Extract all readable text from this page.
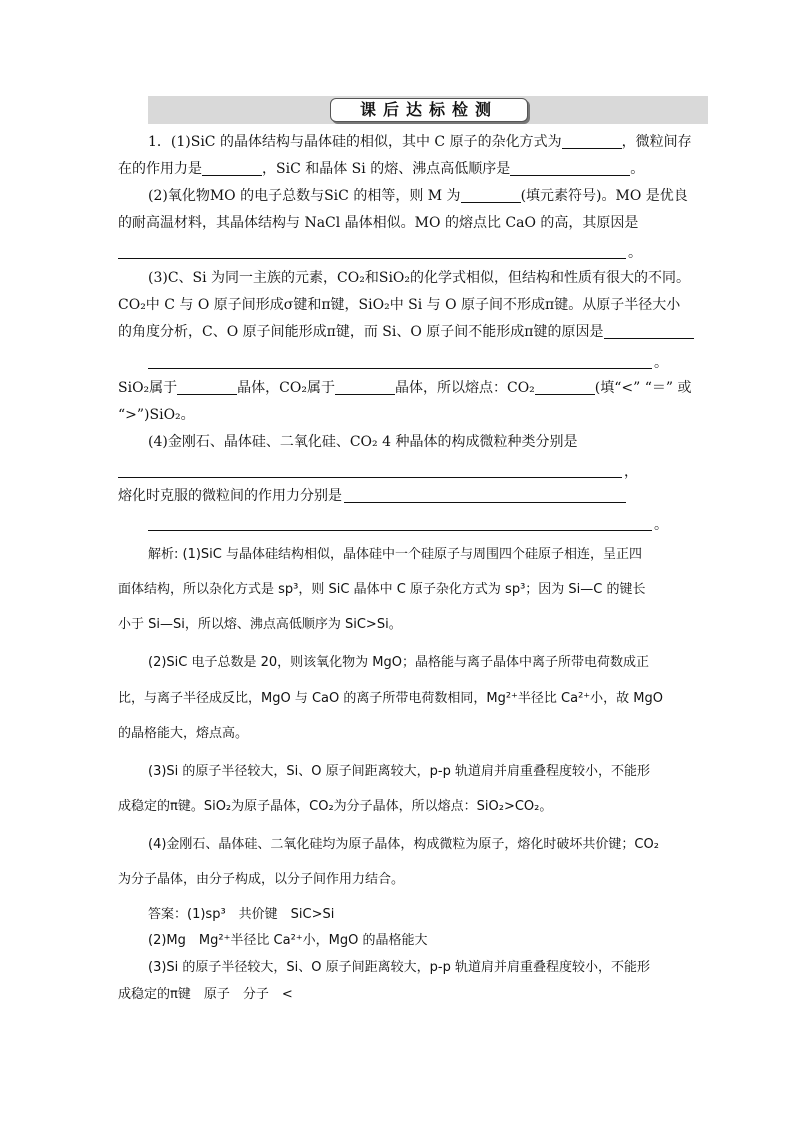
课后达标检测
1．(1)SiC 的晶体结构与晶体硅的相似，其中 C 原子的杂化方式为	，微粒间存
在的作用力是	，SiC 和晶体 Si 的熔、沸点高低顺序是	。
(2)氧化物MO 的电子总数与SiC 的相等，则 M 为	(填元素符号)。MO 是优良
的耐高温材料，其晶体结构与 NaCl 晶体相似。MO 的熔点比 CaO 的高，其原因是
。
(3)C、Si 为同一主族的元素，CO₂和SiO₂的化学式相似，但结构和性质有很大的不同。
CO₂中 C 与 O 原子间形成σ键和π键，SiO₂中 Si 与 O 原子间不形成π键。从原子半径大小
的角度分析，C、O 原子间能形成π键，而 Si、O 原子间不能形成π键的原因是
。
SiO₂属于	晶体，CO₂属于	晶体，所以熔点：CO₂	(填“<” “＝” 或
“>”)SiO₂。
(4)金刚石、晶体硅、二氧化硅、CO₂ 4 种晶体的构成微粒种类分别是
，
熔化时克服的微粒间的作用力分别是
。
解析: (1)SiC 与晶体硅结构相似，晶体硅中一个硅原子与周围四个硅原子相连，呈正四
面体结构，所以杂化方式是 sp³，则 SiC 晶体中 C 原子杂化方式为 sp³；因为 Si—C 的键长
小于 Si—Si，所以熔、沸点高低顺序为 SiC>Si。
(2)SiC 电子总数是 20，则该氧化物为 MgO；晶格能与离子晶体中离子所带电荷数成正
比，与离子半径成反比，MgO 与 CaO 的离子所带电荷数相同，Mg²⁺半径比 Ca²⁺小，故 MgO
的晶格能大，熔点高。
(3)Si 的原子半径较大，Si、O 原子间距离较大，p-p 轨道肩并肩重叠程度较小，不能形
成稳定的π键。SiO₂为原子晶体，CO₂为分子晶体，所以熔点：SiO₂>CO₂。
(4)金刚石、晶体硅、二氧化硅均为原子晶体，构成微粒为原子，熔化时破坏共价键；CO₂
为分子晶体，由分子构成，以分子间作用力结合。
答案：(1)sp³　共价键　SiC>Si
(2)Mg　Mg²⁺半径比 Ca²⁺小，MgO 的晶格能大
(3)Si 的原子半径较大，Si、O 原子间距离较大，p-p 轨道肩并肩重叠程度较小，不能形
成稳定的π键　原子　分子　<
